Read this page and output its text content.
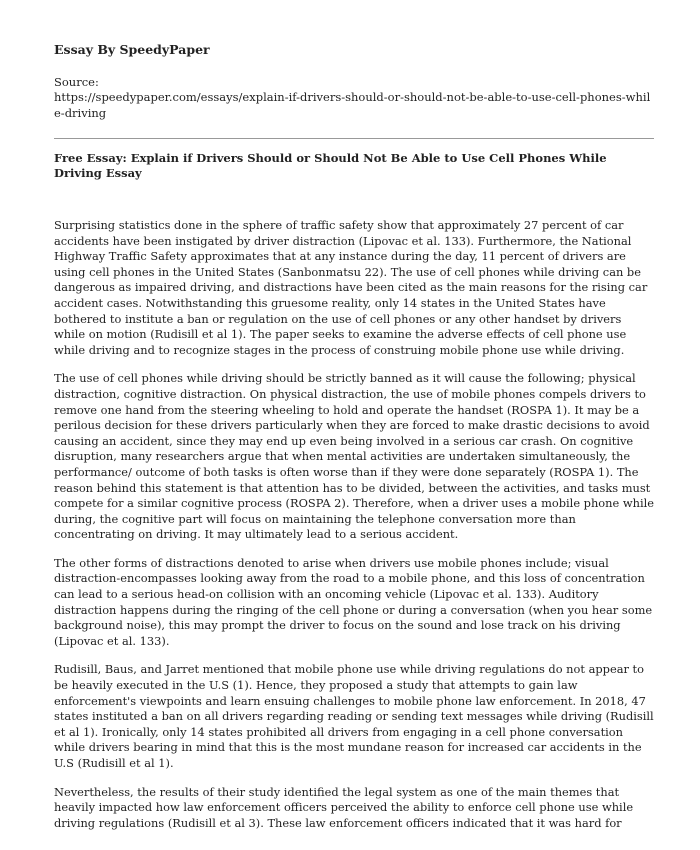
Essay By SpeedyPaper
Source:
https://speedypaper.com/essays/explain-if-drivers-should-or-should-not-be-able-to-use-cell-phones-while-driving
Free Essay: Explain if Drivers Should or Should Not Be Able to Use Cell Phones While Driving Essay

Surprising statistics done in the sphere of traffic safety show that approximately 27 percent of car accidents have been instigated by driver distraction (Lipovac et al. 133). Furthermore, the National Highway Traffic Safety approximates that at any instance during the day, 11 percent of drivers are using cell phones in the United States (Sanbonmatsu 22). The use of cell phones while driving can be dangerous as impaired driving, and distractions have been cited as the main reasons for the rising car accident cases. Notwithstanding this gruesome reality, only 14 states in the United States have bothered to institute a ban or regulation on the use of cell phones or any other handset by drivers while on motion (Rudisill et al 1). The paper seeks to examine the adverse effects of cell phone use while driving and to recognize stages in the process of construing mobile phone use while driving.

The use of cell phones while driving should be strictly banned as it will cause the following; physical distraction, cognitive distraction. On physical distraction, the use of mobile phones compels drivers to remove one hand from the steering wheeling to hold and operate the handset (ROSPA 1). It may be a perilous decision for these drivers particularly when they are forced to make drastic decisions to avoid causing an accident, since they may end up even being involved in a serious car crash. On cognitive disruption, many researchers argue that when mental activities are undertaken simultaneously, the performance/ outcome of both tasks is often worse than if they were done separately (ROSPA 1). The reason behind this statement is that attention has to be divided, between the activities, and tasks must compete for a similar cognitive process (ROSPA 2). Therefore, when a driver uses a mobile phone while during, the cognitive part will focus on maintaining the telephone conversation more than concentrating on driving. It may ultimately lead to a serious accident.

The other forms of distractions denoted to arise when drivers use mobile phones include; visual distraction-encompasses looking away from the road to a mobile phone, and this loss of concentration can lead to a serious head-on collision with an oncoming vehicle (Lipovac et al. 133). Auditory distraction happens during the ringing of the cell phone or during a conversation (when you hear some background noise), this may prompt the driver to focus on the sound and lose track on his driving (Lipovac et al. 133).

Rudisill, Baus, and Jarret mentioned that mobile phone use while driving regulations do not appear to be heavily executed in the U.S (1). Hence, they proposed a study that attempts to gain law enforcement's viewpoints and learn ensuing challenges to mobile phone law enforcement. In 2018, 47 states instituted a ban on all drivers regarding reading or sending text messages while driving (Rudisill et al 1). Ironically, only 14 states prohibited all drivers from engaging in a cell phone conversation while drivers bearing in mind that this is the most mundane reason for increased car accidents in the U.S (Rudisill et al 1).

Nevertheless, the results of their study identified the legal system as one of the main themes that heavily impacted how law enforcement officers perceived the ability to enforce cell phone use while driving regulations (Rudisill et al 3). These law enforcement officers indicated that it was hard for
